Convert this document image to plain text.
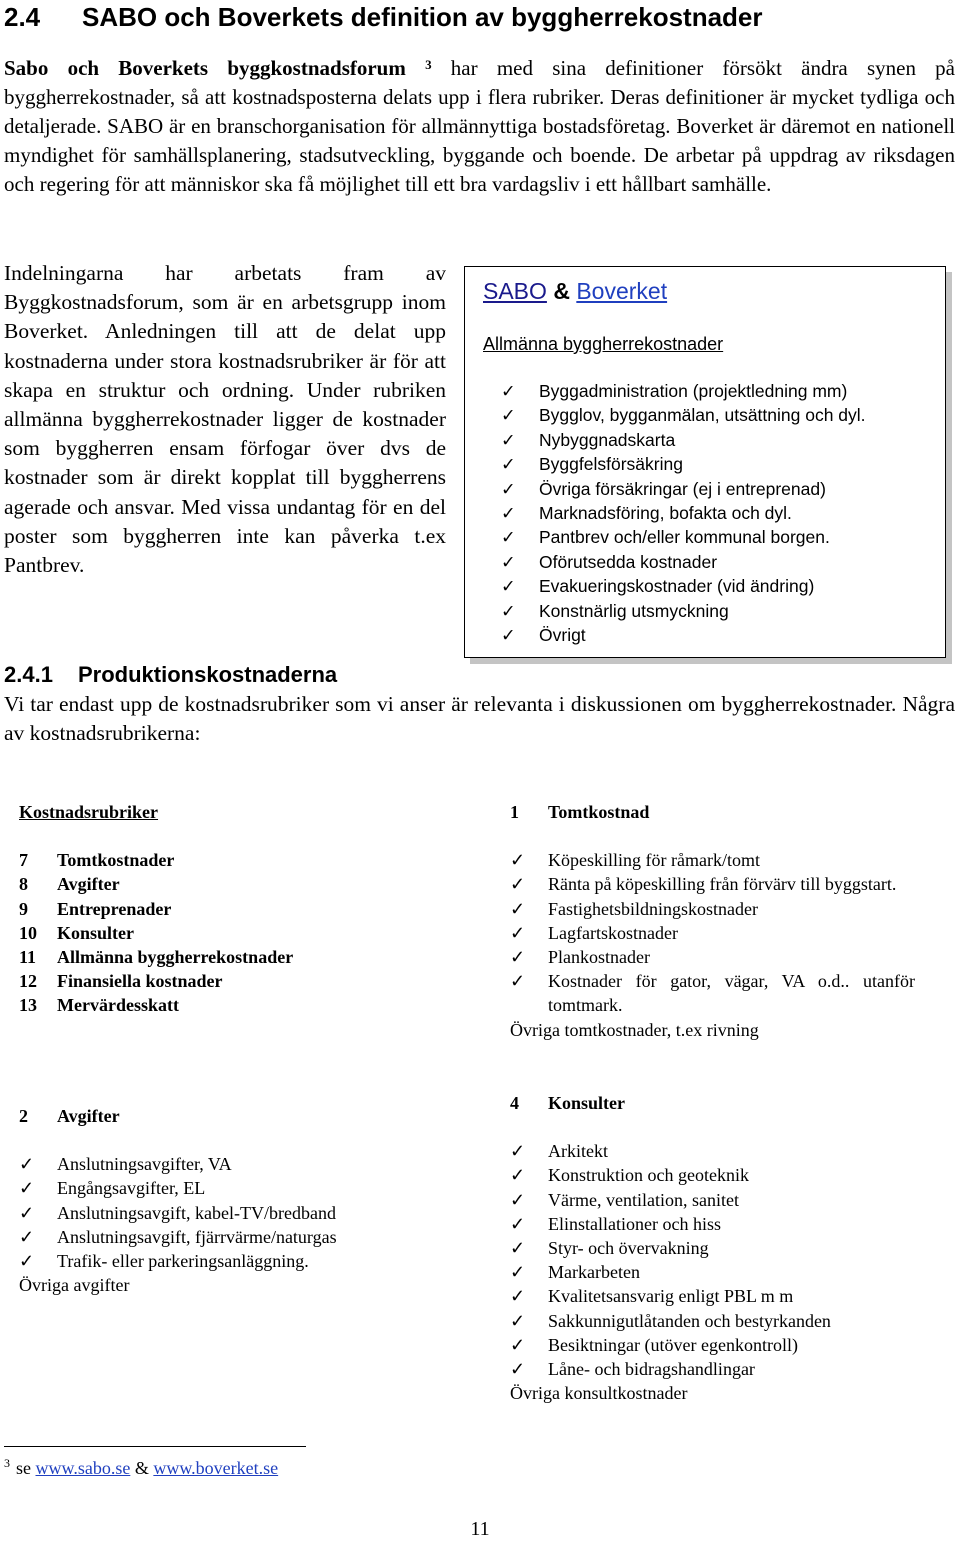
2.4 SABO och Boverkets definition av byggherrekostnader
Sabo och Boverkets byggkostnadsforum $^3$ har med sina definitioner försökt ändra synen på byggherrekostnader, så att kostnadsposterna delats upp i flera rubriker. Deras definitioner är mycket tydliga och detaljerade. SABO är en branschorganisation för allmännyttiga bostadsföretag. Boverket är däremot en nationell myndighet för samhällsplanering, stadsutveckling, byggande och boende. De arbetar på uppdrag av riksdagen och regering för att människor ska få möjlighet till ett bra vardagsliv i ett hållbart samhälle.
Indelningarna har arbetats fram av Byggkostnadsforum, som är en arbetsgrupp inom Boverket. Anledningen till att de delat upp kostnaderna under stora kostnadsrubriker är för att skapa en struktur och ordning. Under rubriken allmänna byggherrekostnader ligger de kostnader som byggherren ensam förfogar över dvs de kostnader som är direkt kopplat till byggherrens agerade och ansvar. Med vissa undantag för en del poster som byggherren inte kan påverka t.ex Pantbrev.
SABO & Boverket
Allmänna byggherrekostnader
✓ Byggadministration (projektledning mm)
✓ Bygglov, bygganmälan, utsättning och dyl.
✓ Nybyggnadskarta
✓ Byggfelsförsäkring
✓ Övriga försäkringar (ej i entreprenad)
✓ Marknadsföring, bofakta och dyl.
✓ Pantbrev och/eller kommunal borgen.
✓ Oförutsedda kostnader
✓ Evakueringskostnader (vid ändring)
✓ Konstnärlig utsmyckning
✓ Övrigt
2.4.1 Produktionskostnaderna
Vi tar endast upp de kostnadsrubriker som vi anser är relevanta i diskussionen om byggherrekostnader. Några av kostnadsrubrikerna:
Kostnadsrubriker
7 Tomtkostnader
8 Avgifter
9 Entreprenader
10 Konsulter
11 Allmänna byggherrekostnader
12 Finansiella kostnader
13 Mervärdesskatt
1 Tomtkostnad
✓ Köpeskilling för råmark/tomt
✓ Ränta på köpeskilling från förvärv till byggstart.
✓ Fastighetsbildningskostnader
✓ Lagfartskostnader
✓ Plankostnader
✓ Kostnader för gator, vägar, VA o.d.. utanför tomtmark.
Övriga tomtkostnader, t.ex rivning
2 Avgifter
✓ Anslutningsavgifter, VA
✓ Engångsavgifter, EL
✓ Anslutningsavgift, kabel-TV/bredband
✓ Anslutningsavgift, fjärrvärme/naturgas
✓ Trafik- eller parkeringsanläggning.
Övriga avgifter
4 Konsulter
✓ Arkitekt
✓ Konstruktion och geoteknik
✓ Värme, ventilation, sanitet
✓ Elinstallationer och hiss
✓ Styr- och övervakning
✓ Markarbeten
✓ Kvalitetsansvarig enligt PBL m m
✓ Sakkunnigutlåtanden och bestyrkanden
✓ Besiktningar (utöver egenkontroll)
✓ Låne- och bidragshandlingar
Övriga konsultkostnader
$^3$ se www.sabo.se & www.boverket.se
11
